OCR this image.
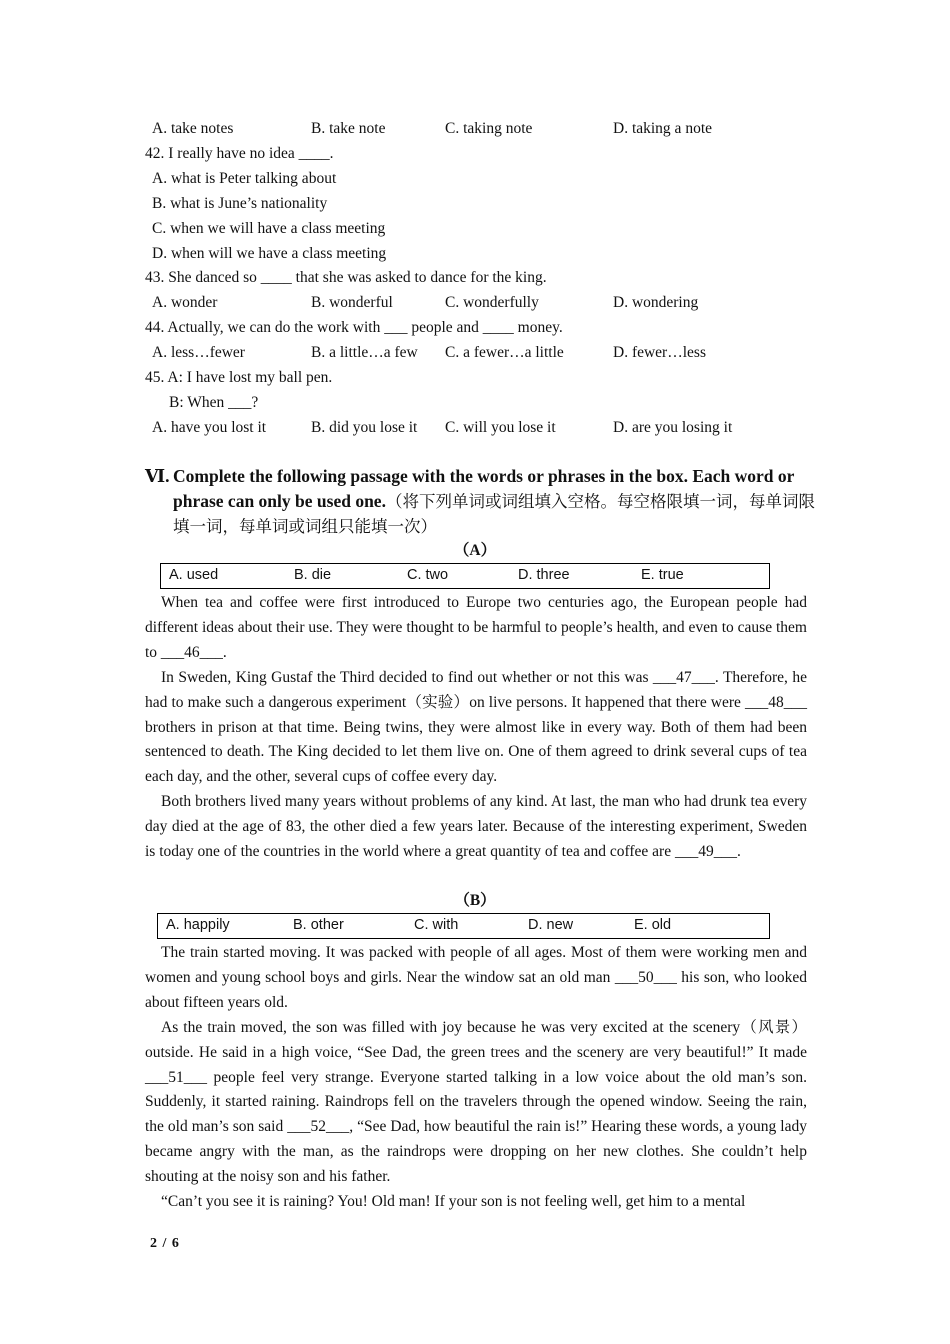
A. take notes	B. take note	C. taking note	D. taking a note
42. I really have no idea ____.
A. what is Peter talking about
B. what is June’s nationality
C. when we will have a class meeting
D. when will we have a class meeting
43. She danced so ____ that she was asked to dance for the king.
A. wonder	B. wonderful	C. wonderfully	D. wondering
44. Actually, we can do the work with ___ people and ____ money.
A. less…fewer	B. a little…a few C. a fewer…a little	D. fewer…less
45. A: I have lost my ball pen.
B: When ___?
A. have you lost it	B. did you lose it C. will you lose it	D. are you losing it
Ⅵ. Complete the following passage with the words or phrases in the box. Each word or phrase can only be used one.（将下列单词或词组填入空格。每空格限填一词，每单词限填一词，每单词或词组只能填一次）
（A）
A. used	B. die	C. two	D. three	E. true

When tea and coffee were first introduced to Europe two centuries ago, the European people had different ideas about their use. They were thought to be harmful to people’s health, and even to cause them to ___46___.

In Sweden, King Gustaf the Third decided to find out whether or not this was ___47___. Therefore, he had to make such a dangerous experiment（实验）on live persons. It happened that there were ___48___ brothers in prison at that time. Being twins, they were almost like in every way. Both of them had been sentenced to death. The King decided to let them live on. One of them agreed to drink several cups of tea each day, and the other, several cups of coffee every day.

Both brothers lived many years without problems of any kind. At last, the man who had drunk tea every day died at the age of 83, the other died a few years later. Because of the interesting experiment, Sweden is today one of the countries in the world where a great quantity of tea and coffee are ___49___.

（B）
A. happily	B. other	C. with	D. new	E. old

The train started moving. It was packed with people of all ages. Most of them were working men and women and young school boys and girls. Near the window sat an old man ___50___ his son, who looked about fifteen years old.

As the train moved, the son was filled with joy because he was very excited at the scenery（风景）outside. He said in a high voice, “See Dad, the green trees and the scenery are very beautiful!” It made ___51___ people feel very strange. Everyone started talking in a low voice about the old man’s son. Suddenly, it started raining. Raindrops fell on the travelers through the opened window. Seeing the rain, the old man’s son said ___52___, “See Dad, how beautiful the rain is!” Hearing these words, a young lady became angry with the man, as the raindrops were dropping on her new clothes. She couldn’t help shouting at the noisy son and his father.

“Can’t you see it is raining? You! Old man! If your son is not feeling well, get him to a mental

2 / 6
